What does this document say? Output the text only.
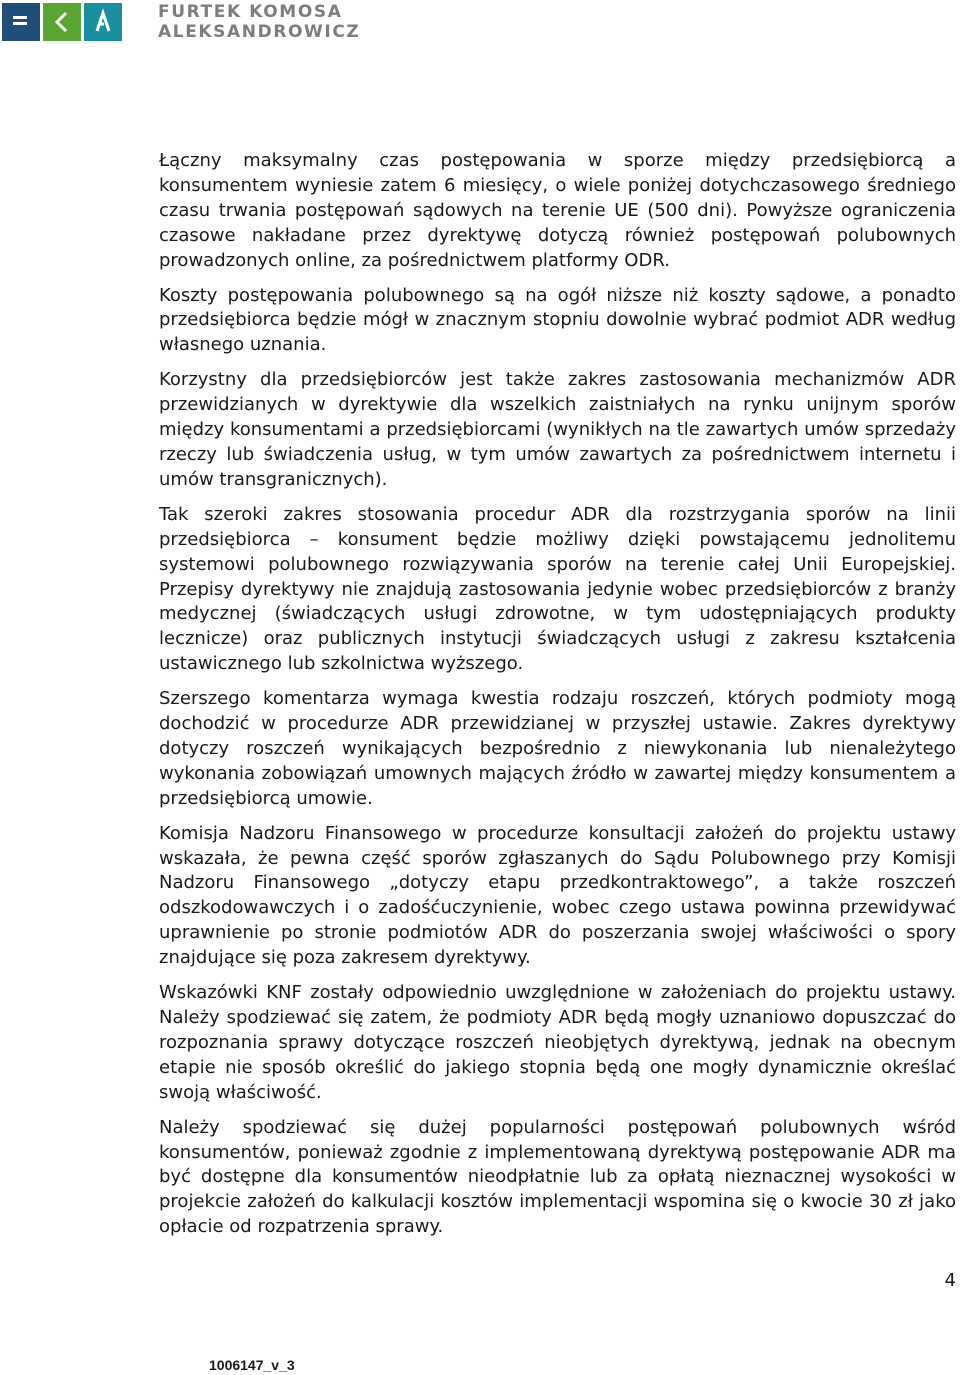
FURTEK KOMOSA
ALEKSANDROWICZ

Łączny maksymalny czas postępowania w sporze między przedsiębiorcą a konsumentem wyniesie zatem 6 miesięcy, o wiele poniżej dotychczasowego średniego czasu trwania postępowań sądowych na terenie UE (500 dni). Powyższe ograniczenia czasowe nakładane przez dyrektywę dotyczą również postępowań polubownych prowadzonych online, za pośrednictwem platformy ODR.

Koszty postępowania polubownego są na ogół niższe niż koszty sądowe, a ponadto przedsiębiorca będzie mógł w znacznym stopniu dowolnie wybrać podmiot ADR według własnego uznania.

Korzystny dla przedsiębiorców jest także zakres zastosowania mechanizmów ADR przewidzianych w dyrektywie dla wszelkich zaistniałych na rynku unijnym sporów między konsumentami a przedsiębiorcami (wynikłych na tle zawartych umów sprzedaży rzeczy lub świadczenia usług, w tym umów zawartych za pośrednictwem internetu i umów transgranicznych).

Tak szeroki zakres stosowania procedur ADR dla rozstrzygania sporów na linii przedsiębiorca – konsument będzie możliwy dzięki powstającemu jednolitemu systemowi polubownego rozwiązywania sporów na terenie całej Unii Europejskiej. Przepisy dyrektywy nie znajdują zastosowania jedynie wobec przedsiębiorców z branży medycznej (świadczących usługi zdrowotne, w tym udostępniających produkty lecznicze) oraz publicznych instytucji świadczących usługi z zakresu kształcenia ustawicznego lub szkolnictwa wyższego.

Szerszego komentarza wymaga kwestia rodzaju roszczeń, których podmioty mogą dochodzić w procedurze ADR przewidzianej w przyszłej ustawie. Zakres dyrektywy dotyczy roszczeń wynikających bezpośrednio z niewykonania lub nienależytego wykonania zobowiązań umownych mających źródło w zawartej między konsumentem a przedsiębiorcą umowie.

Komisja Nadzoru Finansowego w procedurze konsultacji założeń do projektu ustawy wskazała, że pewna część sporów zgłaszanych do Sądu Polubownego przy Komisji Nadzoru Finansowego „dotyczy etapu przedkontraktowego”, a także roszczeń odszkodowawczych i o zadośćuczynienie, wobec czego ustawa powinna przewidywać uprawnienie po stronie podmiotów ADR do poszerzania swojej właściwości o spory znajdujące się poza zakresem dyrektywy.

Wskazówki KNF zostały odpowiednio uwzględnione w założeniach do projektu ustawy. Należy spodziewać się zatem, że podmioty ADR będą mogły uznaniowo dopuszczać do rozpoznania sprawy dotyczące roszczeń nieobjętych dyrektywą, jednak na obecnym etapie nie sposób określić do jakiego stopnia będą one mogły dynamicznie określać swoją właściwość.

Należy spodziewać się dużej popularności postępowań polubownych wśród konsumentów, ponieważ zgodnie z implementowaną dyrektywą postępowanie ADR ma być dostępne dla konsumentów nieodpłatnie lub za opłatą nieznacznej wysokości w projekcie założeń do kalkulacji kosztów implementacji wspomina się o kwocie 30 zł jako opłacie od rozpatrzenia sprawy.

4
1006147_v_3
